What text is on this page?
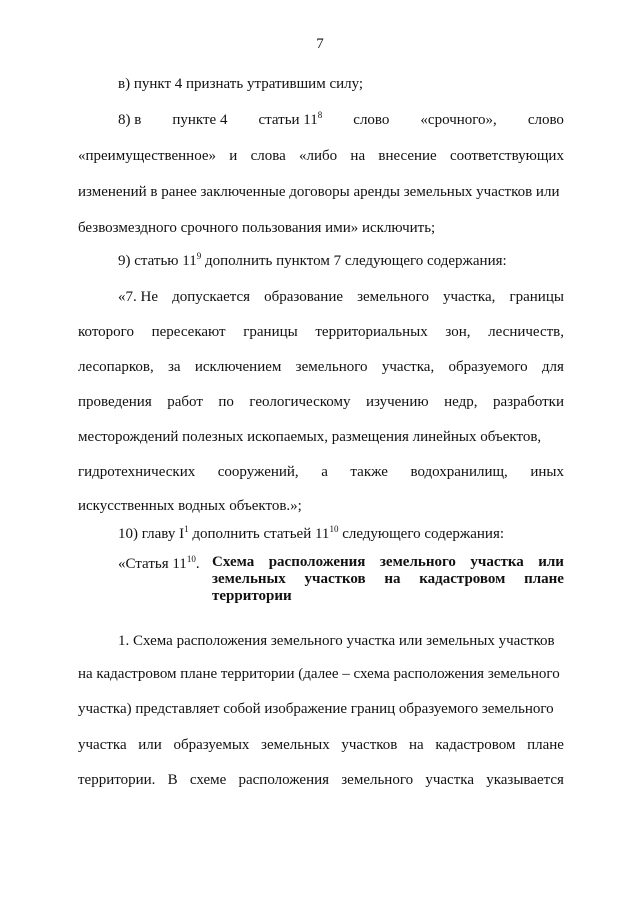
7
в) пункт 4 признать утратившим силу;
8) в пункте 4 статьи $11^8$ слово «срочного», слово
«преимущественное» и слова «либо на внесение соответствующих
изменений в ранее заключенные договоры аренды земельных участков или
безвозмездного срочного пользования ими» исключить;
9) статью $11^9$ дополнить пунктом 7 следующего содержания:
«7. Не допускается образование земельного участка, границы
которого пересекают границы территориальных зон, лесничеств,
лесопарков, за исключением земельного участка, образуемого для
проведения работ по геологическому изучению недр, разработки
месторождений полезных ископаемых, размещения линейных объектов,
гидротехнических сооружений, а также водохранилищ, иных
искусственных водных объектов.»;
10) главу $I^1$ дополнить статьей $11^{10}$ следующего содержания:
«Статья $11^{10}$. Схема расположения земельного участка или
земельных участков на кадастровом плане
территории
1. Схема расположения земельного участка или земельных участков
на кадастровом плане территории (далее – схема расположения земельного
участка) представляет собой изображение границ образуемого земельного
участка или образуемых земельных участков на кадастровом плане
территории. В схеме расположения земельного участка указывается
